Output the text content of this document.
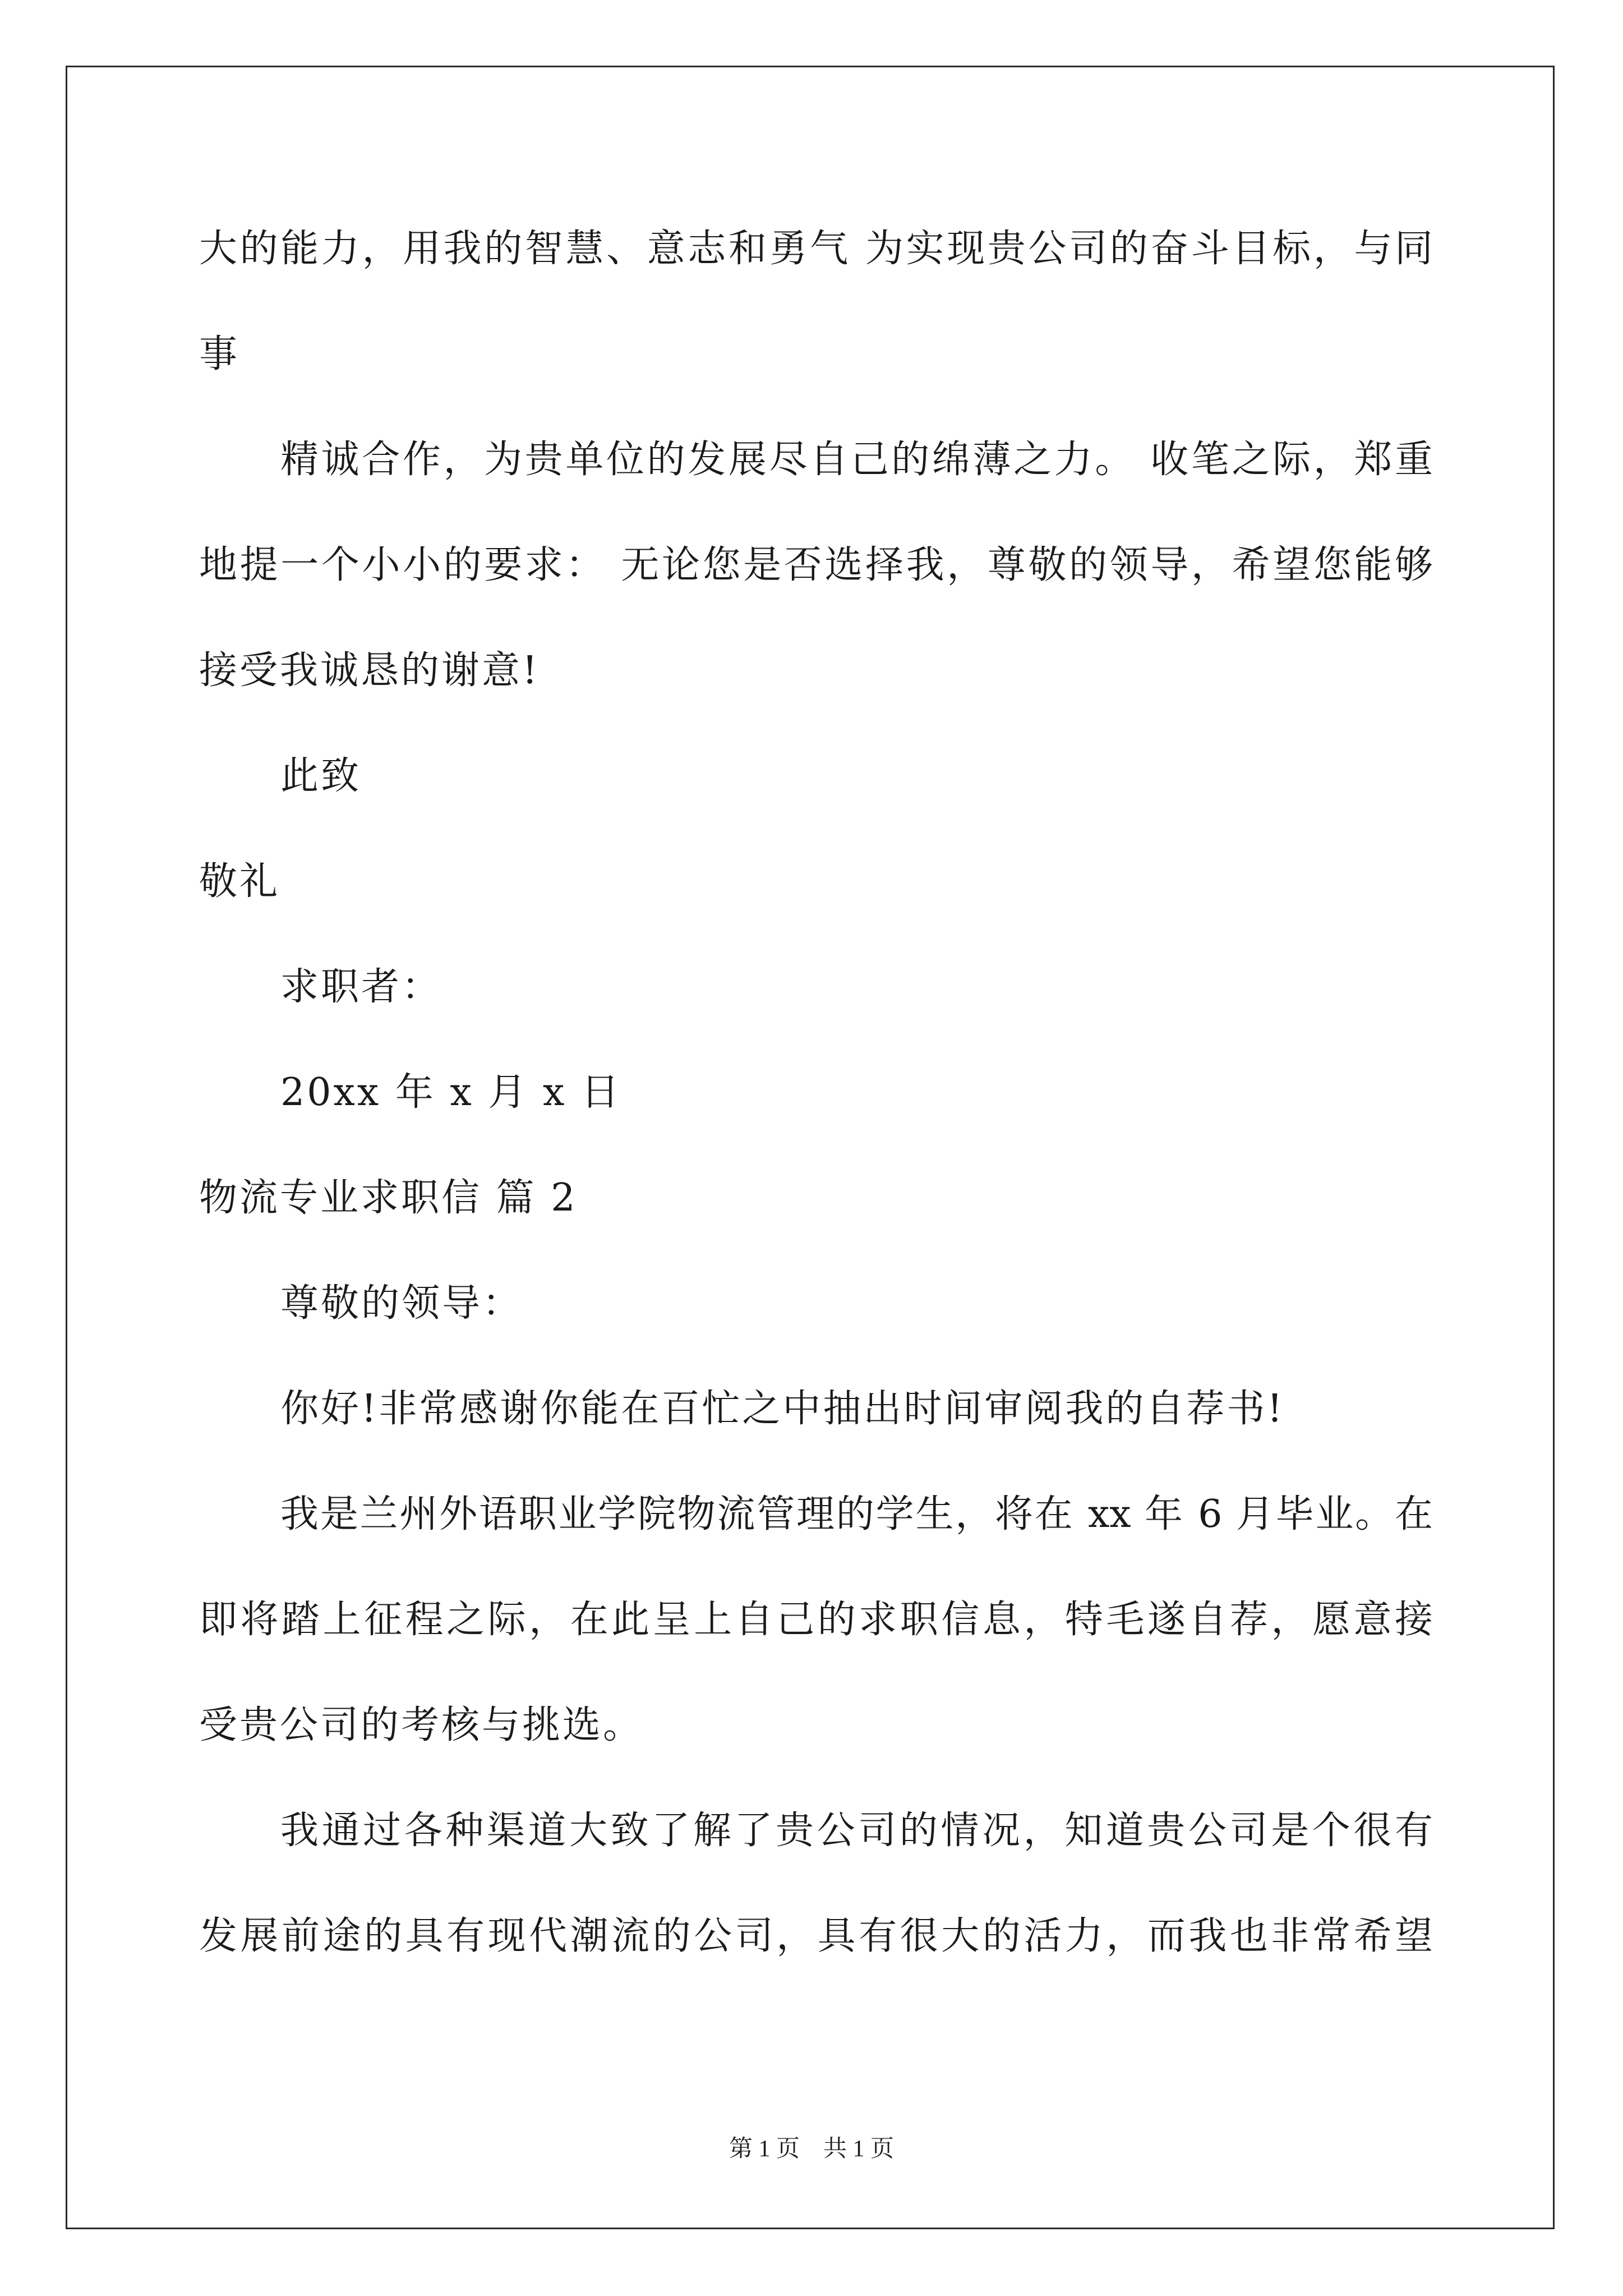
大的能力，用我的智慧、意志和勇气 为实现贵公司的奋斗目标，与同
事
精诚合作，为贵单位的发展尽自己的绵薄之力。 收笔之际，郑重
地提一个小小的要求： 无论您是否选择我，尊敬的领导，希望您能够
接受我诚恳的谢意!
此致
敬礼
求职者：
20xx 年 x 月 x 日
物流专业求职信 篇 2
尊敬的领导：
你好!非常感谢你能在百忙之中抽出时间审阅我的自荐书!
我是兰州外语职业学院物流管理的学生，将在 xx 年 6 月毕业。在
即将踏上征程之际，在此呈上自己的求职信息，特毛遂自荐，愿意接
受贵公司的考核与挑选。
我通过各种渠道大致了解了贵公司的情况，知道贵公司是个很有
发展前途的具有现代潮流的公司，具有很大的活力，而我也非常希望
第 1 页　共 1 页
